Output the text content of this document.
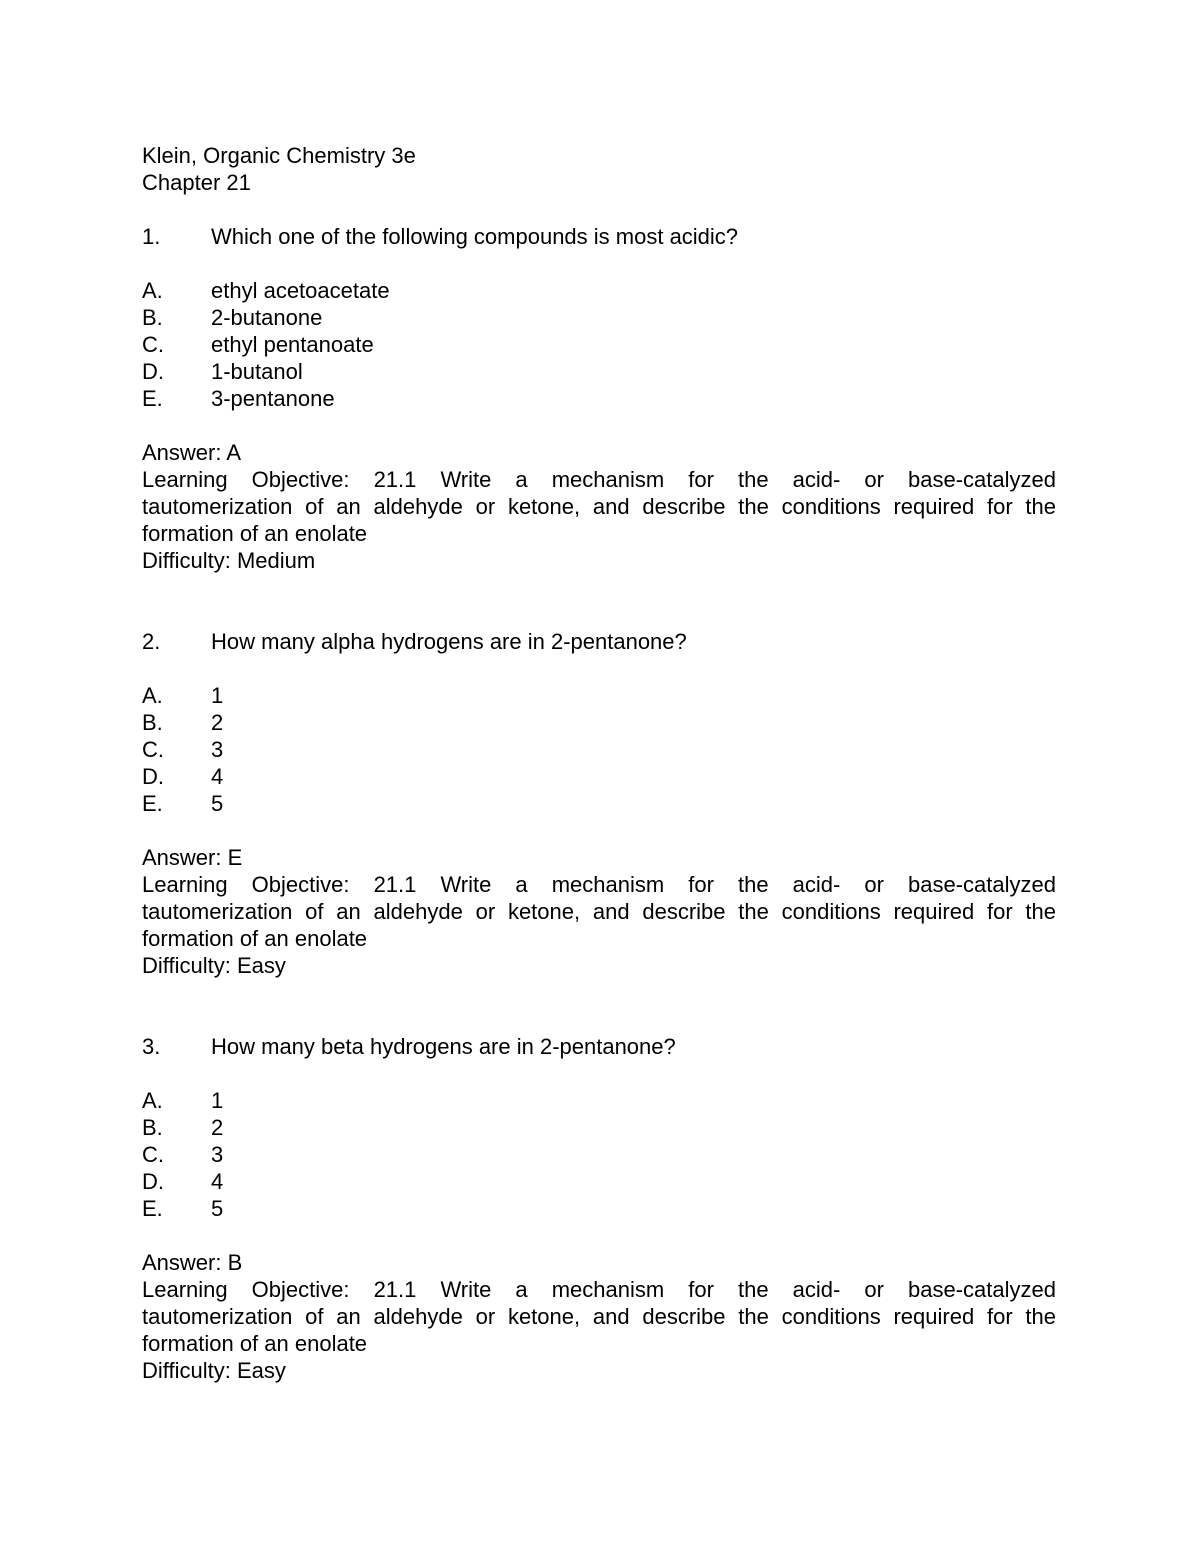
Klein, Organic Chemistry 3e
Chapter 21
1.	Which one of the following compounds is most acidic?
A.	ethyl acetoacetate
B.	2-butanone
C.	ethyl pentanoate
D.	1-butanol
E.	3-pentanone
Answer: A
Learning Objective: 21.1 Write a mechanism for the acid- or base-catalyzed
tautomerization of an aldehyde or ketone, and describe the conditions required for the
formation of an enolate
Difficulty: Medium
2.	How many alpha hydrogens are in 2-pentanone?
A.	1
B.	2
C.	3
D.	4
E.	5
Answer: E
Learning Objective: 21.1 Write a mechanism for the acid- or base-catalyzed
tautomerization of an aldehyde or ketone, and describe the conditions required for the
formation of an enolate
Difficulty: Easy
3.	How many beta hydrogens are in 2-pentanone?
A.	1
B.	2
C.	3
D.	4
E.	5
Answer: B
Learning Objective: 21.1 Write a mechanism for the acid- or base-catalyzed
tautomerization of an aldehyde or ketone, and describe the conditions required for the
formation of an enolate
Difficulty: Easy
